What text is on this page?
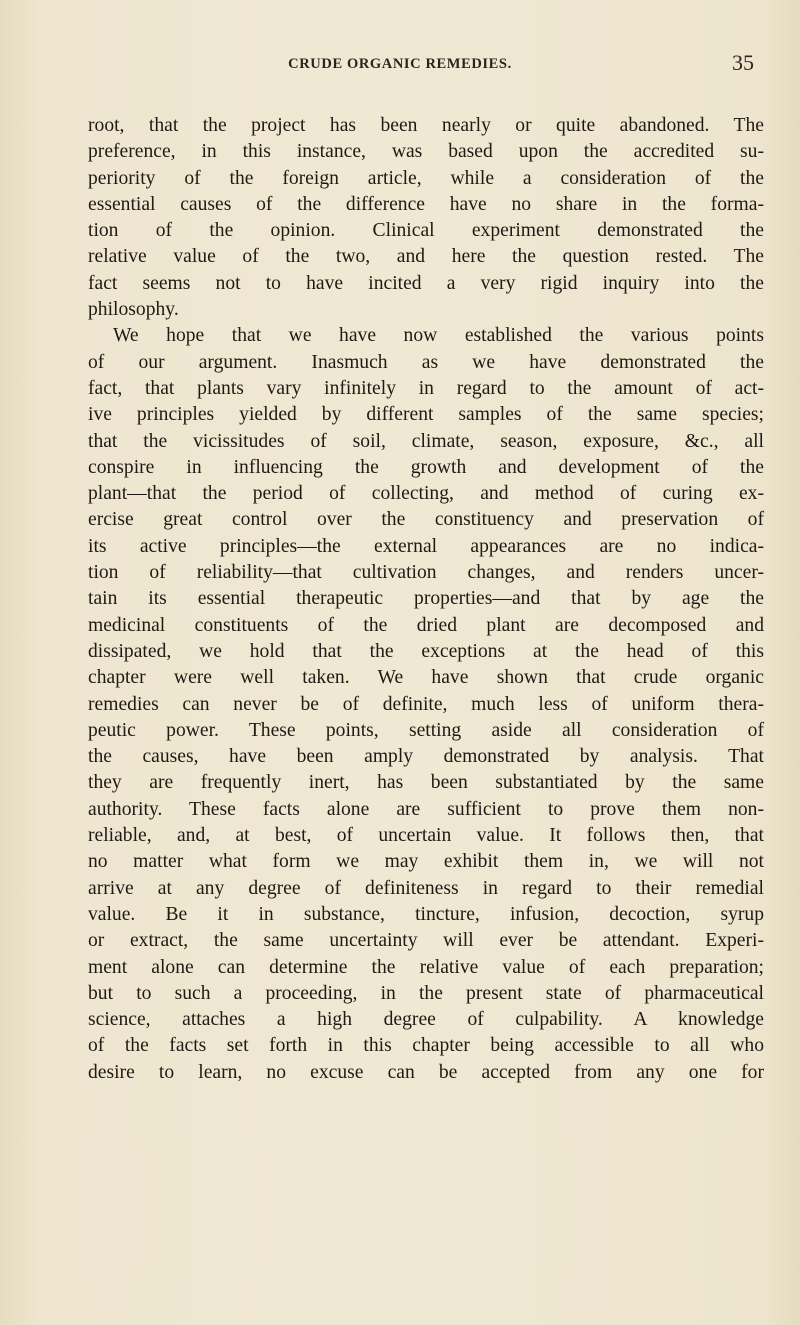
CRUDE ORGANIC REMEDIES.	35
root, that the project has been nearly or quite abandoned. The
preference, in this instance, was based upon the accredited su-
periority of the foreign article, while a consideration of the
essential causes of the difference have no share in the forma-
tion of the opinion. Clinical experiment demonstrated the
relative value of the two, and here the question rested. The
fact seems not to have incited a very rigid inquiry into the
philosophy.
We hope that we have now established the various points
of our argument. Inasmuch as we have demonstrated the
fact, that plants vary infinitely in regard to the amount of act-
ive principles yielded by different samples of the same species;
that the vicissitudes of soil, climate, season, exposure, &c., all
conspire in influencing the growth and development of the
plant—that the period of collecting, and method of curing ex-
ercise great control over the constituency and preservation of
its active principles—the external appearances are no indica-
tion of reliability—that cultivation changes, and renders uncer-
tain its essential therapeutic properties—and that by age the
medicinal constituents of the dried plant are decomposed and
dissipated, we hold that the exceptions at the head of this
chapter were well taken. We have shown that crude organic
remedies can never be of definite, much less of uniform thera-
peutic power. These points, setting aside all consideration of
the causes, have been amply demonstrated by analysis. That
they are frequently inert, has been substantiated by the same
authority. These facts alone are sufficient to prove them non-
reliable, and, at best, of uncertain value. It follows then, that
no matter what form we may exhibit them in, we will not
arrive at any degree of definiteness in regard to their remedial
value. Be it in substance, tincture, infusion, decoction, syrup
or extract, the same uncertainty will ever be attendant. Experi-
ment alone can determine the relative value of each preparation;
but to such a proceeding, in the present state of pharmaceutical
science, attaches a high degree of culpability. A knowledge
of the facts set forth in this chapter being accessible to all who
desire to learn, no excuse can be accepted from any one for
